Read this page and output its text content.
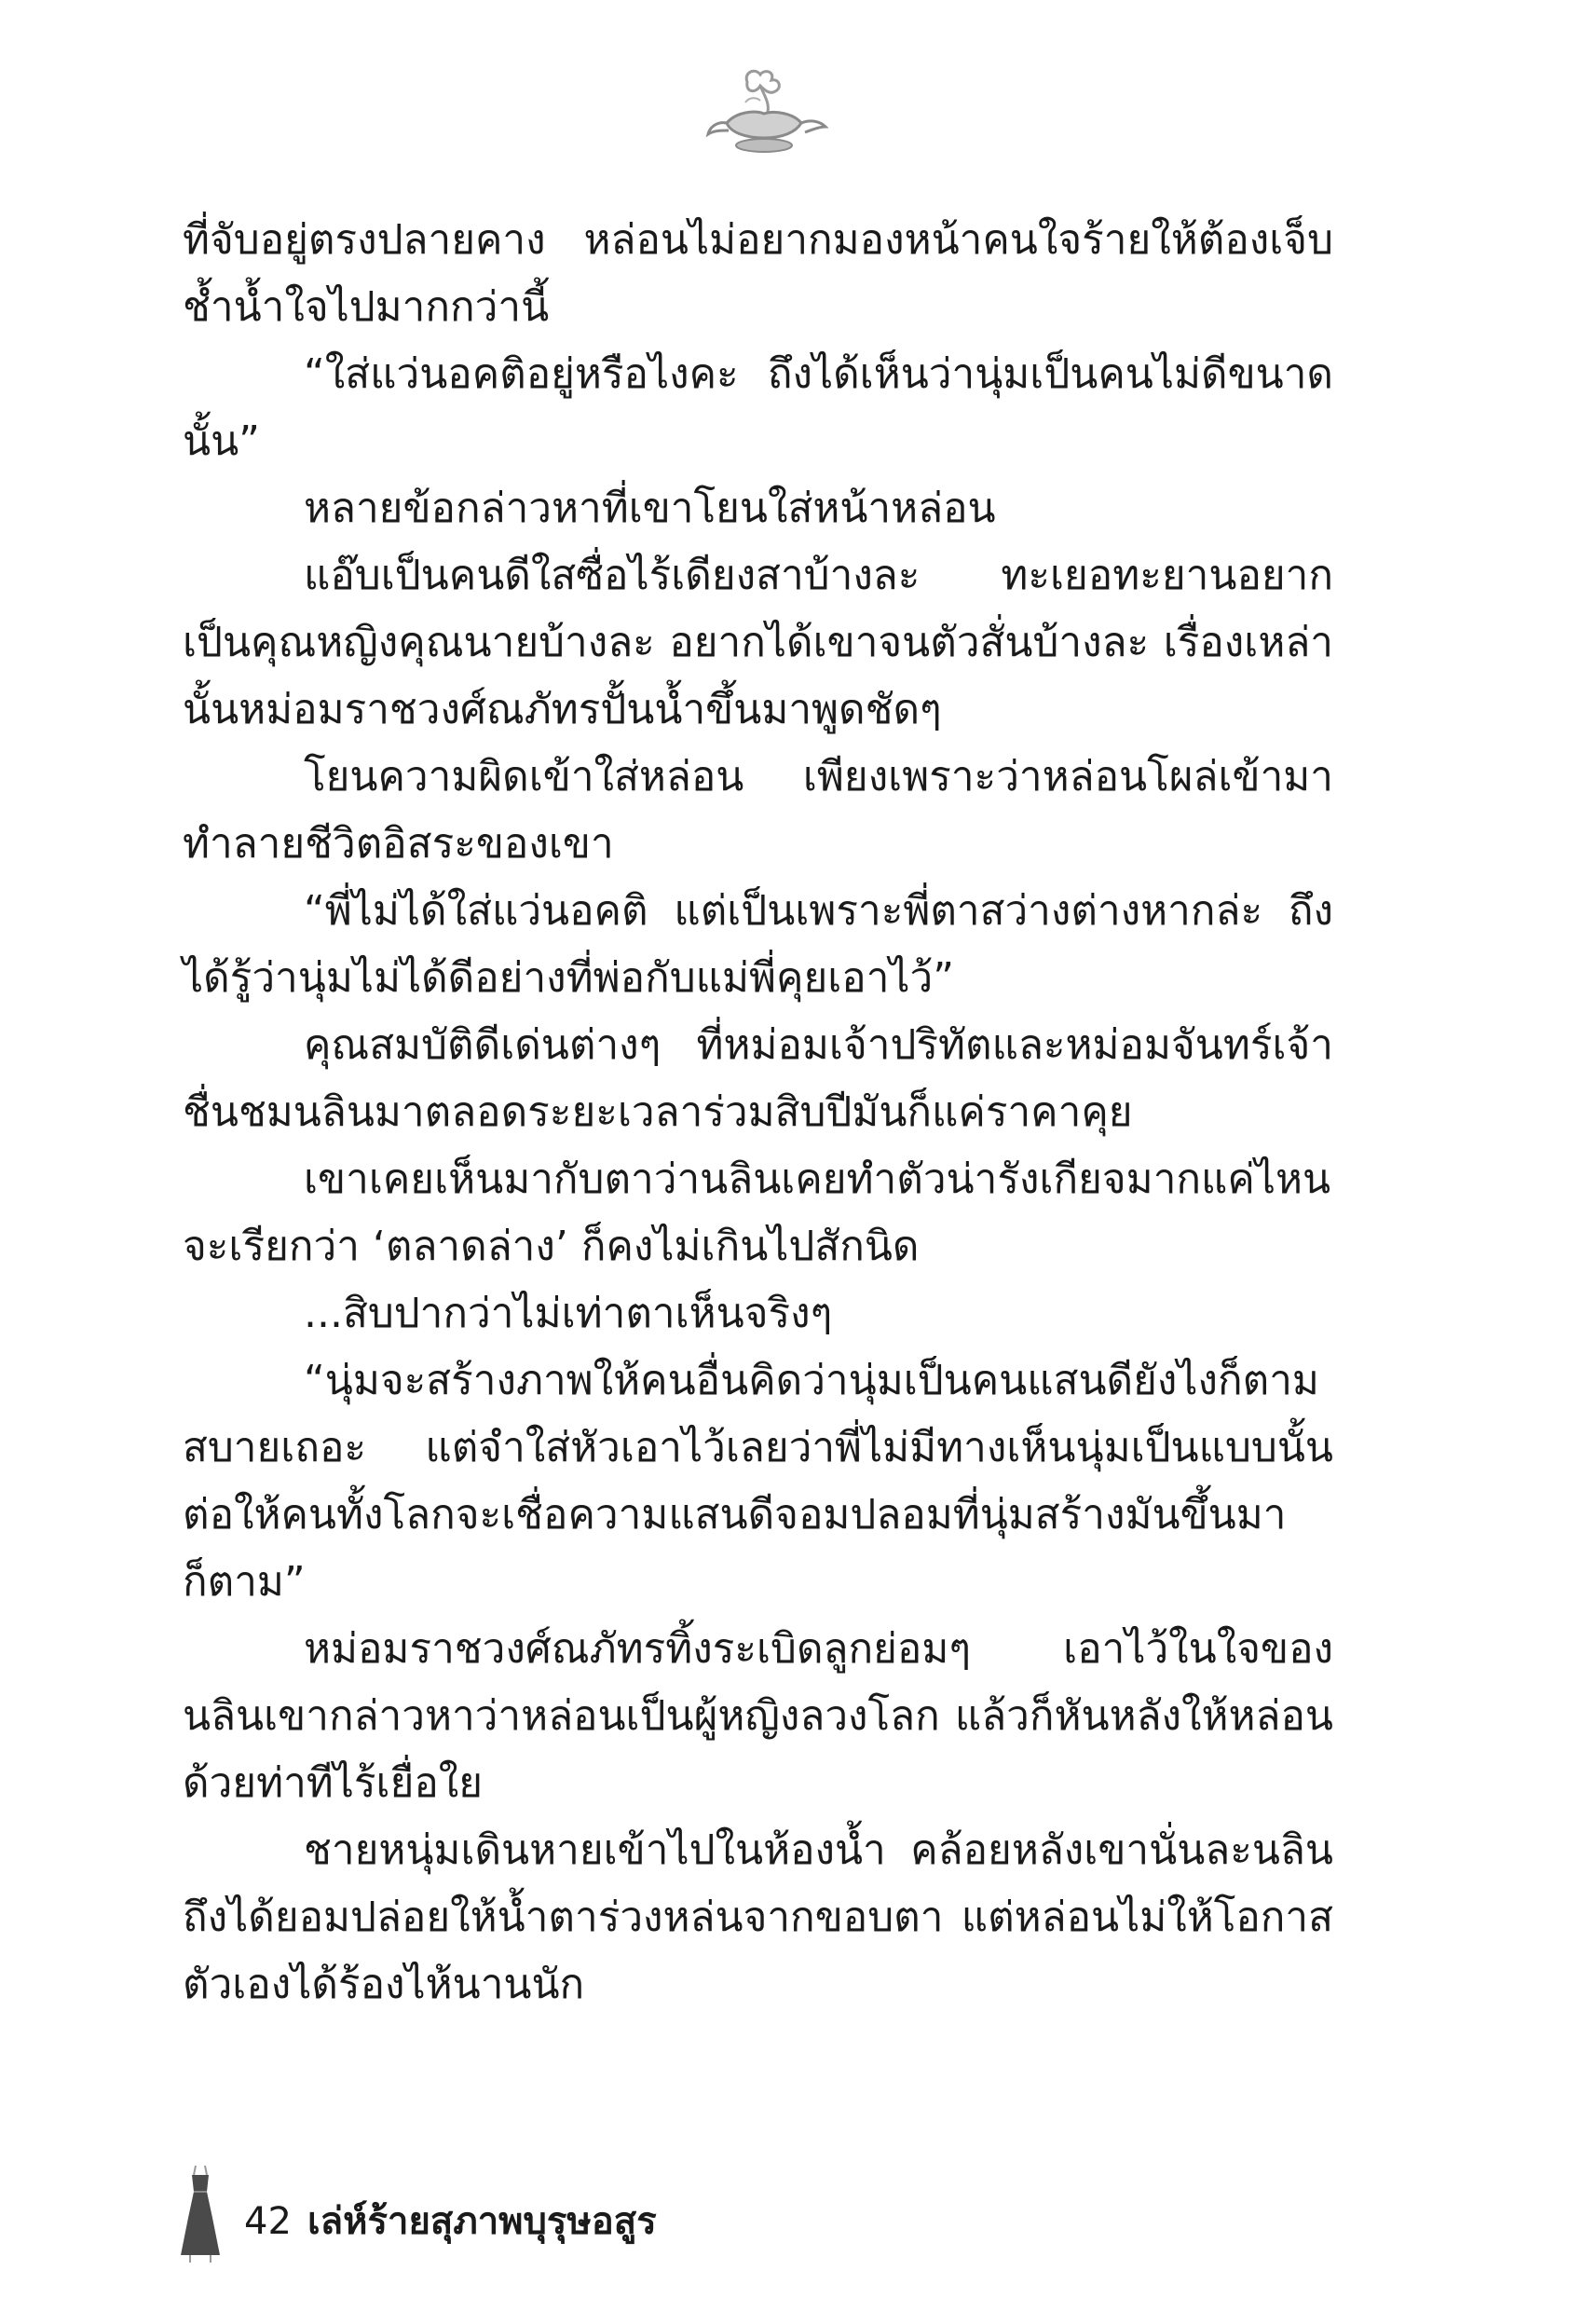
ที่จับอยู่ตรงปลายคาง หล่อนไม่อยากมองหน้าคนใจร้ายให้ต้องเจ็บช้ำน้ำใจไปมากกว่านี้

“ใส่แว่นอคติอยู่หรือไงคะ ถึงได้เห็นว่านุ่มเป็นคนไม่ดีขนาดนั้น”

หลายข้อกล่าวหาที่เขาโยนใส่หน้าหล่อน

แอ๊บเป็นคนดีใสซื่อไร้เดียงสาบ้างละ ทะเยอทะยานอยากเป็นคุณหญิงคุณนายบ้างละ อยากได้เขาจนตัวสั่นบ้างละ เรื่องเหล่านั้นหม่อมราชวงศ์ณภัทรปั้นน้ำขึ้นมาพูดชัดๆ

โยนความผิดเข้าใส่หล่อน เพียงเพราะว่าหล่อนโผล่เข้ามาทำลายชีวิตอิสระของเขา

“พี่ไม่ได้ใส่แว่นอคติ แต่เป็นเพราะพี่ตาสว่างต่างหากล่ะ ถึงได้รู้ว่านุ่มไม่ได้ดีอย่างที่พ่อกับแม่พี่คุยเอาไว้”

คุณสมบัติดีเด่นต่างๆ ที่หม่อมเจ้าปริทัตและหม่อมจันทร์เจ้าชื่นชมนลินมาตลอดระยะเวลาร่วมสิบปีมันก็แค่ราคาคุย

เขาเคยเห็นมากับตาว่านลินเคยทำตัวน่ารังเกียจมากแค่ไหนจะเรียกว่า ‘ตลาดล่าง’ ก็คงไม่เกินไปสักนิด

...สิบปากว่าไม่เท่าตาเห็นจริงๆ

“นุ่มจะสร้างภาพให้คนอื่นคิดว่านุ่มเป็นคนแสนดียังไงก็ตามสบายเถอะ แต่จำใส่หัวเอาไว้เลยว่าพี่ไม่มีทางเห็นนุ่มเป็นแบบนั้น ต่อให้คนทั้งโลกจะเชื่อความแสนดีจอมปลอมที่นุ่มสร้างมันขึ้นมาก็ตาม”

หม่อมราชวงศ์ณภัทรทิ้งระเบิดลูกย่อมๆ เอาไว้ในใจของนลินเขากล่าวหาว่าหล่อนเป็นผู้หญิงลวงโลก แล้วก็หันหลังให้หล่อนด้วยท่าทีไร้เยื่อใย

ชายหนุ่มเดินหายเข้าไปในห้องน้ำ คล้อยหลังเขานั่นละนลินถึงได้ยอมปล่อยให้น้ำตาร่วงหล่นจากขอบตา แต่หล่อนไม่ให้โอกาสตัวเองได้ร้องไห้นานนัก

42 เล่ห์ร้ายสุภาพบุรุษอสูร
